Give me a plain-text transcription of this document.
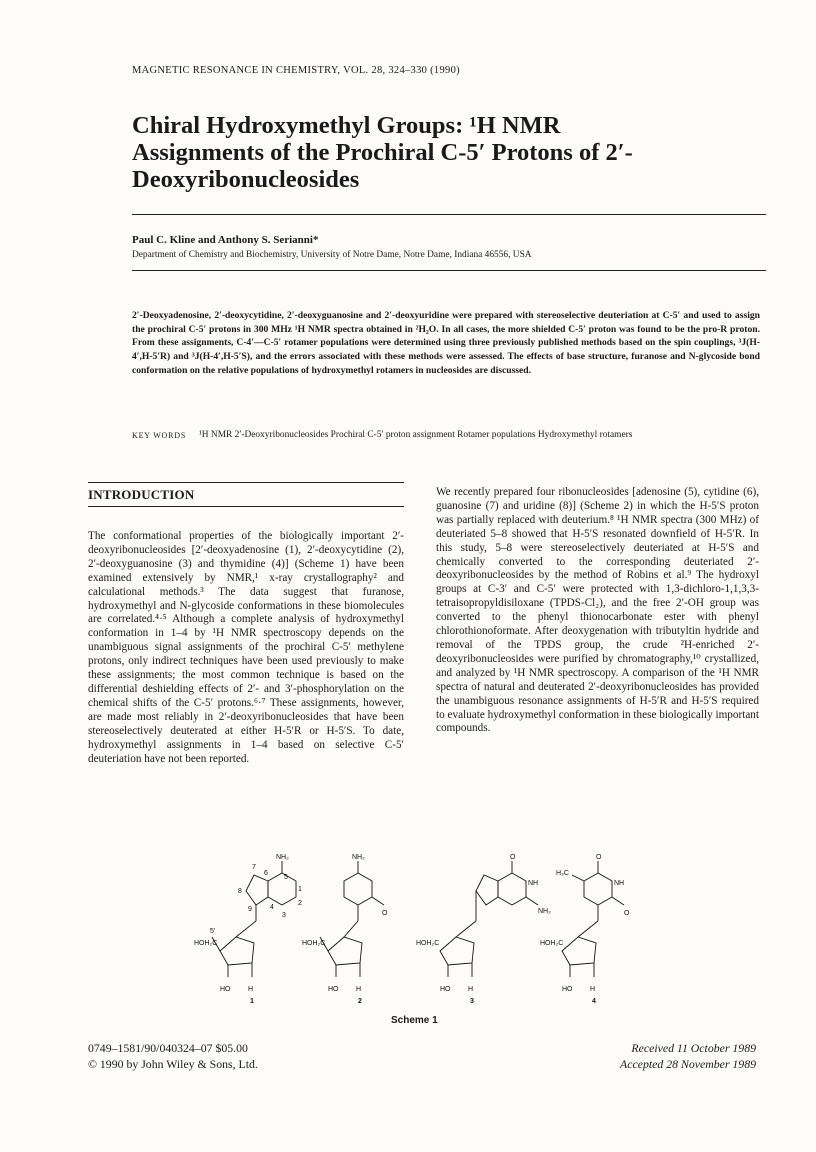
MAGNETIC RESONANCE IN CHEMISTRY, VOL. 28, 324–330 (1990)
Chiral Hydroxymethyl Groups: ¹H NMR Assignments of the Prochiral C-5′ Protons of 2′-Deoxyribonucleosides
Paul C. Kline and Anthony S. Serianni*
Department of Chemistry and Biochemistry, University of Notre Dame, Notre Dame, Indiana 46556, USA
2′-Deoxyadenosine, 2′-deoxycytidine, 2′-deoxyguanosine and 2′-deoxyuridine were prepared with stereoselective deuteriation at C-5′ and used to assign the prochiral C-5′ protons in 300 MHz ¹H NMR spectra obtained in ²H₂O. In all cases, the more shielded C-5′ proton was found to be the pro-R proton. From these assignments, C-4′—C-5′ rotamer populations were determined using three previously published methods based on the spin couplings, ³J(H-4′,H-5′R) and ³J(H-4′,H-5′S), and the errors associated with these methods were assessed. The effects of base structure, furanose and N-glycoside bond conformation on the relative populations of hydroxymethyl rotamers in nucleosides are discussed.
KEY WORDS ¹H NMR 2′-Deoxyribonucleosides Prochiral C-5′ proton assignment Rotamer populations Hydroxymethyl rotamers
INTRODUCTION
The conformational properties of the biologically important 2′-deoxyribonucleosides [2′-deoxyadenosine (1), 2′-deoxycytidine (2), 2′-deoxyguanosine (3) and thymidine (4)] (Scheme 1) have been examined extensively by NMR,¹ x-ray crystallography² and calculational methods.³ The data suggest that furanose, hydroxymethyl and N-glycoside conformations in these biomolecules are correlated.⁴·⁵ Although a complete analysis of hydroxymethyl conformation in 1–4 by ¹H NMR spectroscopy depends on the unambiguous signal assignments of the prochiral C-5′ methylene protons, only indirect techniques have been used previously to make these assignments; the most common technique is based on the differential deshielding effects of 2′- and 3′-phosphorylation on the chemical shifts of the C-5′ protons.⁶·⁷ These assignments, however, are made most reliably in 2′-deoxyribonucleosides that have been stereoselectively deuterated at either H-5′R or H-5′S. To date, hydroxymethyl assignments in 1–4 based on selective C-5′ deuteriation have not been reported.
We recently prepared four ribonucleosides [adenosine (5), cytidine (6), guanosine (7) and uridine (8)] (Scheme 2) in which the H-5′S proton was partially replaced with deuterium.⁸ ¹H NMR spectra (300 MHz) of deuteriated 5–8 showed that H-5′S resonated downfield of H-5′R. In this study, 5–8 were stereoselectively deuteriated at H-5′S and chemically converted to the corresponding deuteriated 2′-deoxyribonucleosides by the method of Robins et al.⁹ The hydroxyl groups at C-3′ and C-5′ were protected with 1,3-dichloro-1,1,3,3-tetraisopropyldisiloxane (TPDS-Cl₂), and the free 2′-OH group was converted to the phenyl thionocarbonate ester with phenyl chlorothionoformate. After deoxygenation with tributyltin hydride and removal of the TPDS group, the crude ²H-enriched 2′-deoxyribonucleosides were purified by chromatography,¹⁰ crystallized, and analyzed by ¹H NMR spectroscopy. A comparison of the ¹H NMR spectra of natural and deuterated 2′-deoxyribonucleosides has provided the unambiguous resonance assignments of H-5′R and H-5′S required to evaluate hydroxymethyl conformation in these biologically important compounds.
NH₂
6
7
5
1
8
2
9	4
3
5′
HOH₂C
HO	H
1
NH₂
O
HOH₂C
HO	H
2
O
NH
NH₂
HOH₂C
HO	H
3
O
H₃C
NH
O
HOH₂C
HO	H
4
Scheme 1
0749–1581/90/040324–07 $05.00
© 1990 by John Wiley & Sons, Ltd.
Received 11 October 1989
Accepted 28 November 1989
